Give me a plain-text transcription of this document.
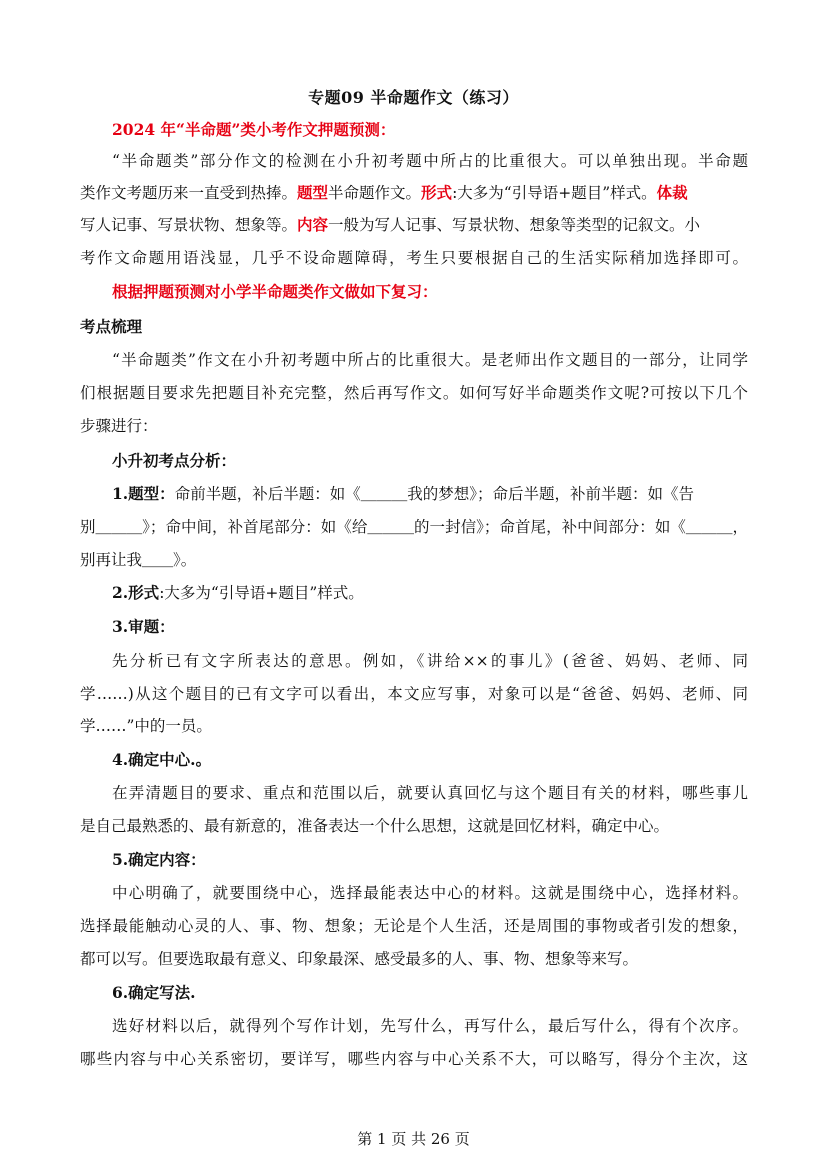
专题09 半命题作文（练习）
2024 年“半命题”类小考作文押题预测：
“半命题类”部分作文的检测在小升初考题中所占的比重很大。可以单独出现。半命题
类作文考题历来一直受到热捧。题型半命题作文。形式:大多为“引导语+题目”样式。体裁
写人记事、写景状物、想象等。内容一般为写人记事、写景状物、想象等类型的记叙文。小
考作文命题用语浅显，几乎不设命题障碍，考生只要根据自己的生活实际稍加选择即可。
根据押题预测对小学半命题类作文做如下复习：
考点梳理
“半命题类”作文在小升初考题中所占的比重很大。是老师出作文题目的一部分，让同学
们根据题目要求先把题目补充完整，然后再写作文。如何写好半命题类作文呢?可按以下几个
步骤进行：
小升初考点分析：
1.题型：命前半题，补后半题：如《＿＿＿我的梦想》；命后半题，补前半题：如《告
别＿＿＿》；命中间，补首尾部分：如《给＿＿＿的一封信》；命首尾，补中间部分：如《＿＿＿，
别再让我＿＿》。
2.形式:大多为“引导语+题目”样式。
3.审题：
先分析已有文字所表达的意思。例如，《讲给××的事儿》(爸爸、妈妈、老师、同
学……)从这个题目的已有文字可以看出，本文应写事，对象可以是“爸爸、妈妈、老师、同
学……”中的一员。
4.确定中心.。
在弄清题目的要求、重点和范围以后，就要认真回忆与这个题目有关的材料，哪些事儿
是自己最熟悉的、最有新意的，准备表达一个什么思想，这就是回忆材料，确定中心。
5.确定内容：
中心明确了，就要围绕中心，选择最能表达中心的材料。这就是围绕中心，选择材料。
选择最能触动心灵的人、事、物、想象；无论是个人生活，还是周围的事物或者引发的想象，
都可以写。但要选取最有意义、印象最深、感受最多的人、事、物、想象等来写。
6.确定写法.
选好材料以后，就得列个写作计划，先写什么，再写什么，最后写什么，得有个次序。
哪些内容与中心关系密切，要详写，哪些内容与中心关系不大，可以略写，得分个主次，这
第 1 页 共 26 页
